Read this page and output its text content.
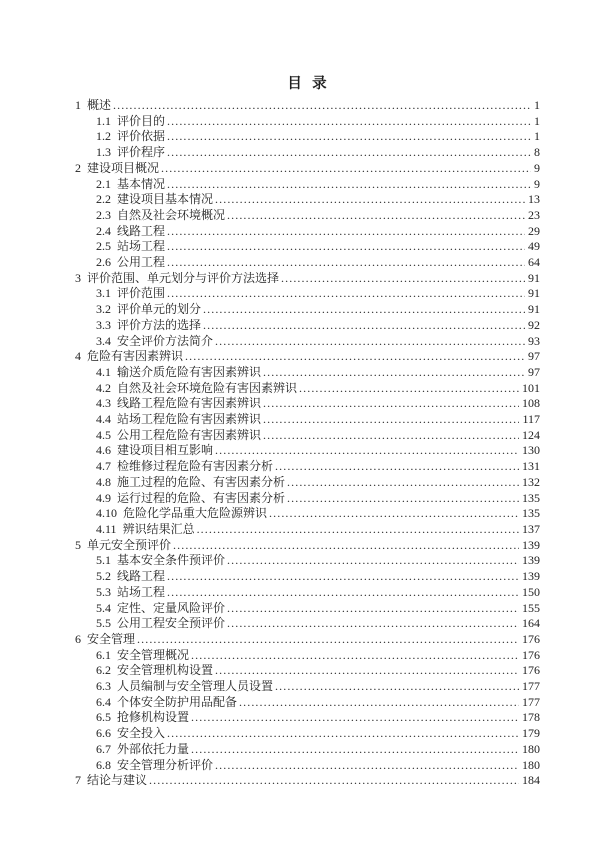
目  录
1 概述 .....	1
1.1 评价目的 .....	1
1.2 评价依据 .....	1
1.3 评价程序 .....	8
2 建设项目概况 .....	9
2.1 基本情况 .....	9
2.2 建设项目基本情况 .....	13
2.3 自然及社会环境概况 .....	23
2.4 线路工程 .....	29
2.5 站场工程 .....	49
2.6 公用工程 .....	64
3 评价范围、单元划分与评价方法选择 .....	91
3.1 评价范围 .....	91
3.2 评价单元的划分 .....	91
3.3 评价方法的选择 .....	92
3.4 安全评价方法简介 .....	93
4 危险有害因素辨识 .....	97
4.1 输送介质危险有害因素辨识 .....	97
4.2 自然及社会环境危险有害因素辨识 .....	101
4.3 线路工程危险有害因素辨识 .....	108
4.4 站场工程危险有害因素辨识 .....	117
4.5 公用工程危险有害因素辨识 .....	124
4.6 建设项目相互影响 .....	130
4.7 检维修过程危险有害因素分析 .....	131
4.8 施工过程的危险、有害因素分析 .....	132
4.9 运行过程的危险、有害因素分析 .....	135
4.10 危险化学品重大危险源辨识 .....	135
4.11 辨识结果汇总 .....	137
5 单元安全预评价 .....	139
5.1 基本安全条件预评价 .....	139
5.2 线路工程 .....	139
5.3 站场工程 .....	150
5.4 定性、定量风险评价 .....	155
5.5 公用工程安全预评价 .....	164
6 安全管理 .....	176
6.1 安全管理概况 .....	176
6.2 安全管理机构设置 .....	176
6.3 人员编制与安全管理人员设置 .....	177
6.4 个体安全防护用品配备 .....	177
6.5 抢修机构设置 .....	178
6.6 安全投入 .....	179
6.7 外部依托力量 .....	180
6.8 安全管理分析评价 .....	180
7 结论与建议 .....	184
